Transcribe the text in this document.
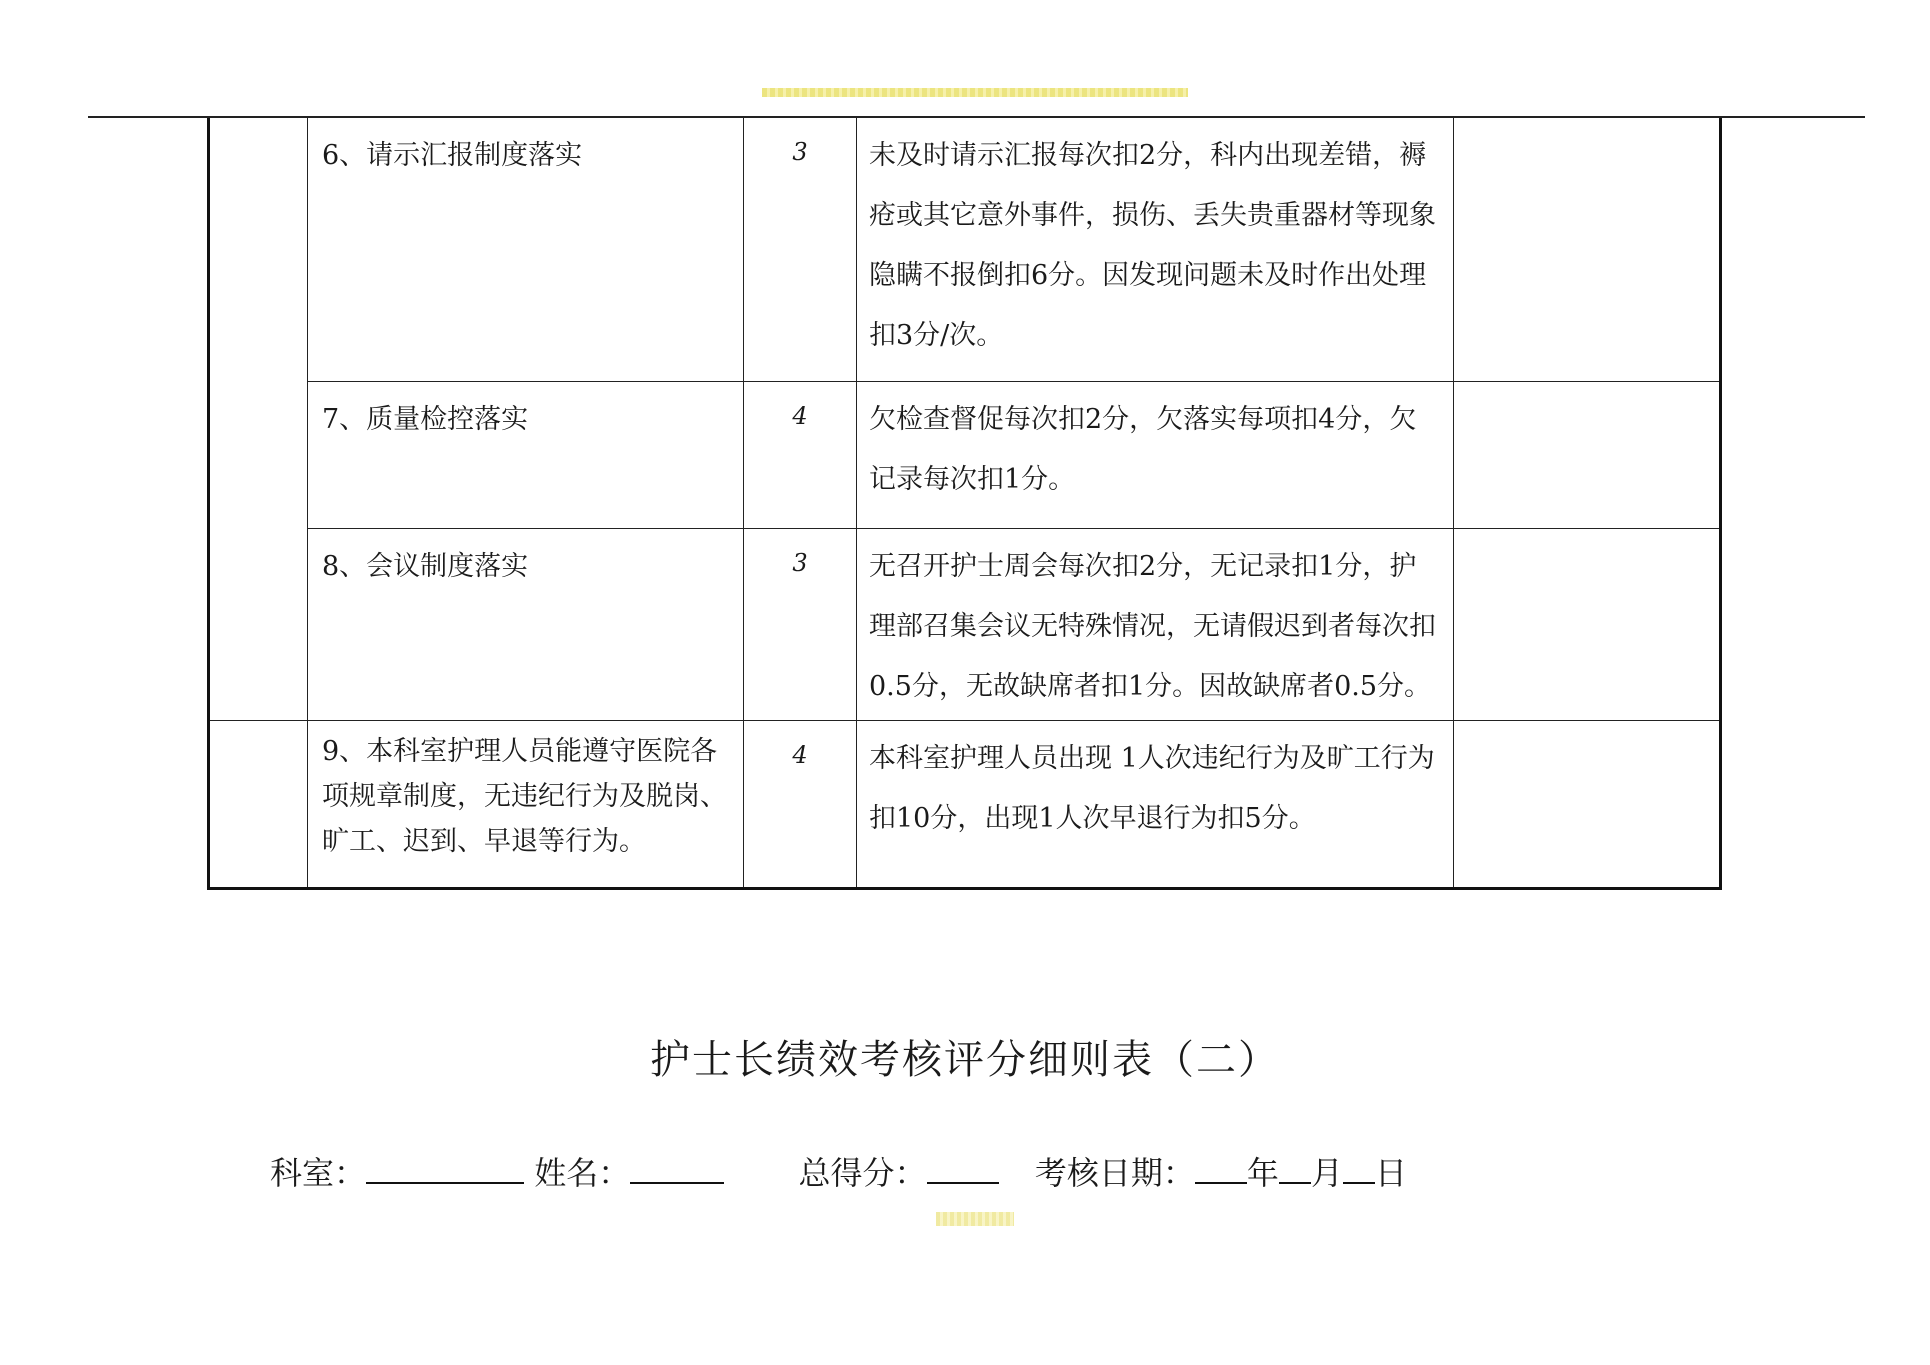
	6、请示汇报制度落实	3	未及时请示汇报每次扣2分，科内出现差错，褥疮或其它意外事件，损伤、丢失贵重器材等现象隐瞒不报倒扣6分。因发现问题未及时作出处理扣3分/次。	
	7、质量检控落实	4	欠检查督促每次扣2分，欠落实每项扣4分，欠记录每次扣1分。	
	8、会议制度落实	3	无召开护士周会每次扣2分，无记录扣1分，护理部召集会议无特殊情况，无请假迟到者每次扣0.5分，无故缺席者扣1分。因故缺席者0.5分。	
	9、本科室护理人员能遵守医院各项规章制度，无违纪行为及脱岗、旷工、迟到、早退等行为。	4	本科室护理人员出现 1人次违纪行为及旷工行为扣10分，出现1人次早退行为扣5分。	
护士长绩效考核评分细则表（二）
科室：	姓名：	总得分：	考核日期： 年 月 日
